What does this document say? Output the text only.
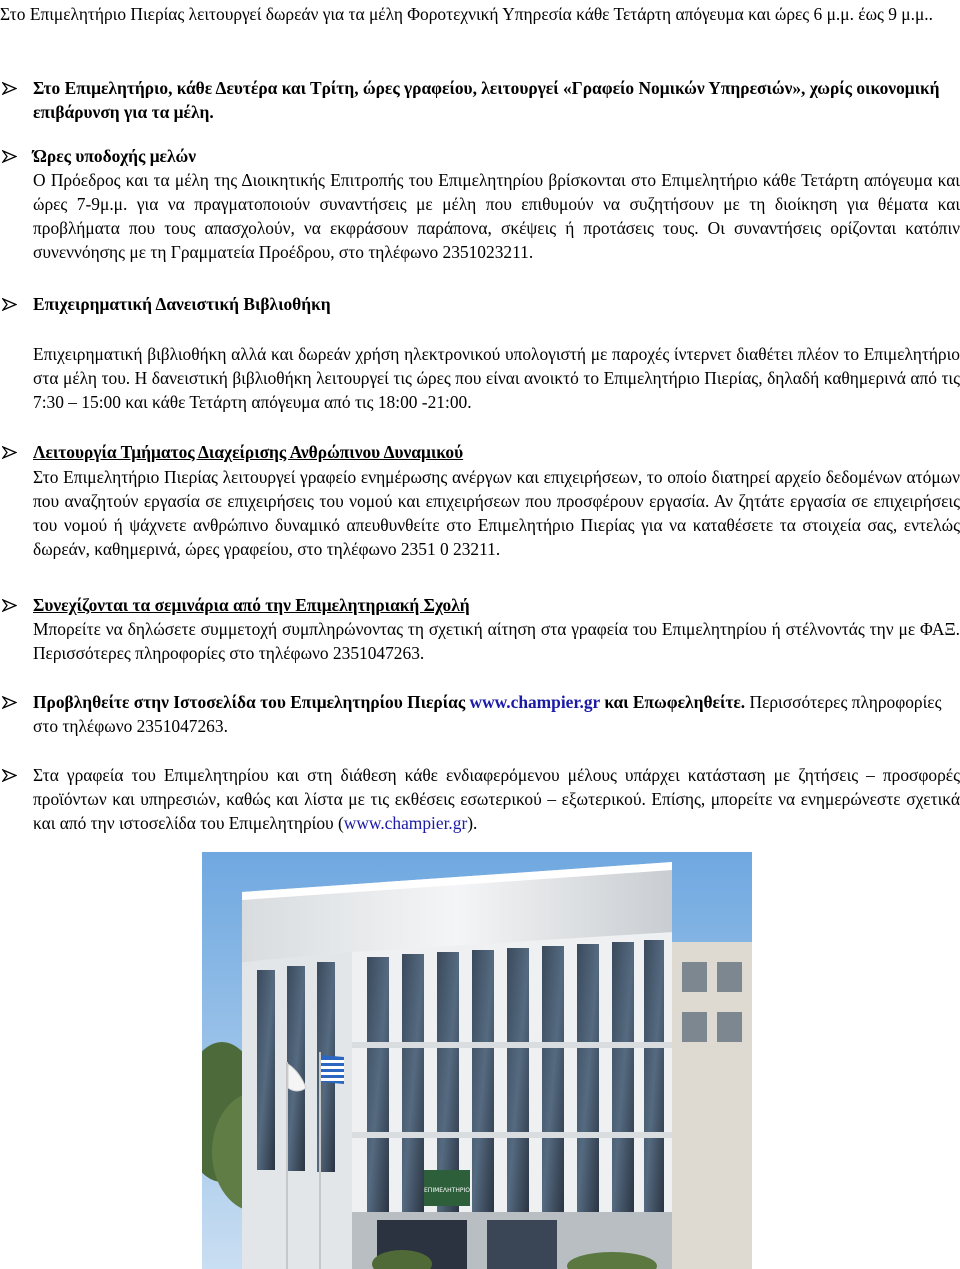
Στο Επιμελητήριο Πιερίας λειτουργεί δωρεάν για τα μέλη Φοροτεχνική Υπηρεσία κάθε Τετάρτη απόγευμα και ώρες 6 μ.μ. έως 9 μ.μ..

Στο Επιμελητήριο, κάθε Δευτέρα και Τρίτη, ώρες γραφείου, λειτουργεί «Γραφείο Νομικών Υπηρεσιών», χωρίς οικονομική επιβάρυνση για τα μέλη.

Ώρες υποδοχής μελών

Ο Πρόεδρος και τα μέλη της Διοικητικής Επιτροπής του Επιμελητηρίου βρίσκονται στο Επιμελητήριο κάθε Τετάρτη απόγευμα και ώρες 7-9μ.μ. για να πραγματοποιούν συναντήσεις με μέλη που επιθυμούν να συζητήσουν με τη διοίκηση για θέματα και προβλήματα που τους απασχολούν, να εκφράσουν παράπονα, σκέψεις ή προτάσεις τους. Οι συναντήσεις ορίζονται κατόπιν συνεννόησης με τη Γραμματεία Προέδρου, στο τηλέφωνο 2351023211.

Επιχειρηματική Δανειστική Βιβλιοθήκη

Επιχειρηματική βιβλιοθήκη αλλά και δωρεάν χρήση ηλεκτρονικού υπολογιστή με παροχές ίντερνετ διαθέτει πλέον το Επιμελητήριο στα μέλη του. Η δανειστική βιβλιοθήκη λειτουργεί τις ώρες που είναι ανοικτό το Επιμελητήριο Πιερίας, δηλαδή καθημερινά από τις 7:30 – 15:00 και κάθε Τετάρτη απόγευμα από τις 18:00 -21:00.

Λειτουργία Τμήματος Διαχείρισης Ανθρώπινου Δυναμικού

Στο Επιμελητήριο Πιερίας λειτουργεί γραφείο ενημέρωσης ανέργων και επιχειρήσεων, το οποίο διατηρεί αρχείο δεδομένων ατόμων που αναζητούν εργασία σε επιχειρήσεις του νομού και επιχειρήσεων που προσφέρουν εργασία. Αν ζητάτε εργασία σε επιχειρήσεις του νομού ή ψάχνετε ανθρώπινο δυναμικό απευθυνθείτε στο Επιμελητήριο Πιερίας για να καταθέσετε τα στοιχεία σας, εντελώς δωρεάν, καθημερινά, ώρες γραφείου, στο τηλέφωνο 2351 0 23211.

Συνεχίζονται τα σεμινάρια από την Επιμελητηριακή Σχολή

Μπορείτε να δηλώσετε συμμετοχή συμπληρώνοντας τη σχετική αίτηση στα γραφεία του Επιμελητηρίου ή στέλνοντάς την με ΦΑΞ. Περισσότερες πληροφορίες στο τηλέφωνο 2351047263.

Προβληθείτε στην Ιστοσελίδα του Επιμελητηρίου Πιερίας www.champier.gr και Επωφεληθείτε. Περισσότερες πληροφορίες στο τηλέφωνο 2351047263.

Στα γραφεία του Επιμελητηρίου και στη διάθεση κάθε ενδιαφερόμενου μέλους υπάρχει κατάσταση με ζητήσεις – προσφορές προϊόντων και υπηρεσιών, καθώς και λίστα με τις εκθέσεις εσωτερικού – εξωτερικού. Επίσης, μπορείτε να ενημερώνεστε σχετικά και από την ιστοσελίδα του Επιμελητηρίου (www.champier.gr).

ΕΠΙΜΕΛΗΤΗΡΙΟ
